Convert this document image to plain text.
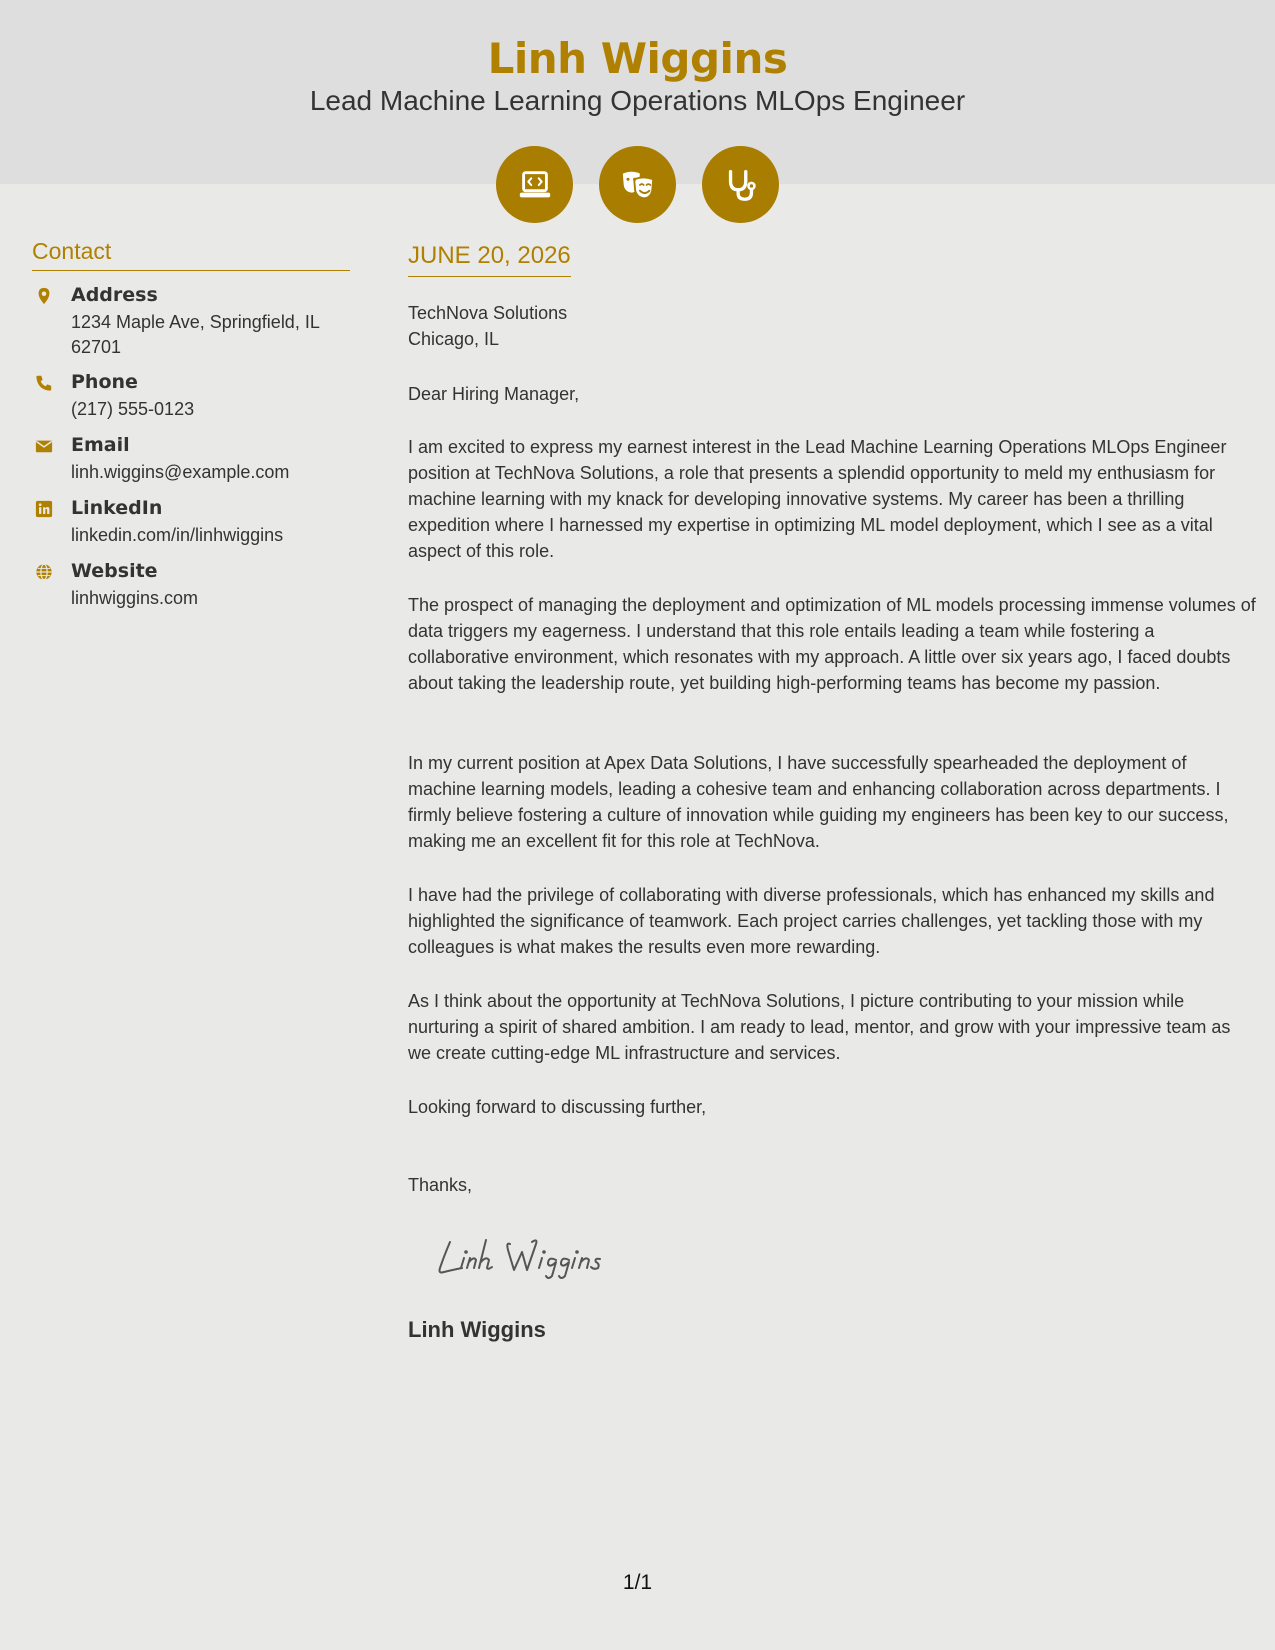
Linh Wiggins
Lead Machine Learning Operations MLOps Engineer
Contact
Address
1234 Maple Ave, Springfield, IL 62701
Phone
(217) 555-0123
Email
linh.wiggins@example.com
LinkedIn
linkedin.com/in/linhwiggins
Website
linhwiggins.com
JUNE 20, 2026
TechNova Solutions
Chicago, IL
Dear Hiring Manager,
I am excited to express my earnest interest in the Lead Machine Learning Operations MLOps Engineer position at TechNova Solutions, a role that presents a splendid opportunity to meld my enthusiasm for machine learning with my knack for developing innovative systems. My career has been a thrilling expedition where I harnessed my expertise in optimizing ML model deployment, which I see as a vital aspect of this role.
The prospect of managing the deployment and optimization of ML models processing immense volumes of data triggers my eagerness. I understand that this role entails leading a team while fostering a collaborative environment, which resonates with my approach. A little over six years ago, I faced doubts about taking the leadership route, yet building high-performing teams has become my passion.
In my current position at Apex Data Solutions, I have successfully spearheaded the deployment of machine learning models, leading a cohesive team and enhancing collaboration across departments. I firmly believe fostering a culture of innovation while guiding my engineers has been key to our success, making me an excellent fit for this role at TechNova.
I have had the privilege of collaborating with diverse professionals, which has enhanced my skills and highlighted the significance of teamwork. Each project carries challenges, yet tackling those with my colleagues is what makes the results even more rewarding.
As I think about the opportunity at TechNova Solutions, I picture contributing to your mission while nurturing a spirit of shared ambition. I am ready to lead, mentor, and grow with your impressive team as we create cutting-edge ML infrastructure and services.
Looking forward to discussing further,
Thanks,
Linh Wiggins
1/1
